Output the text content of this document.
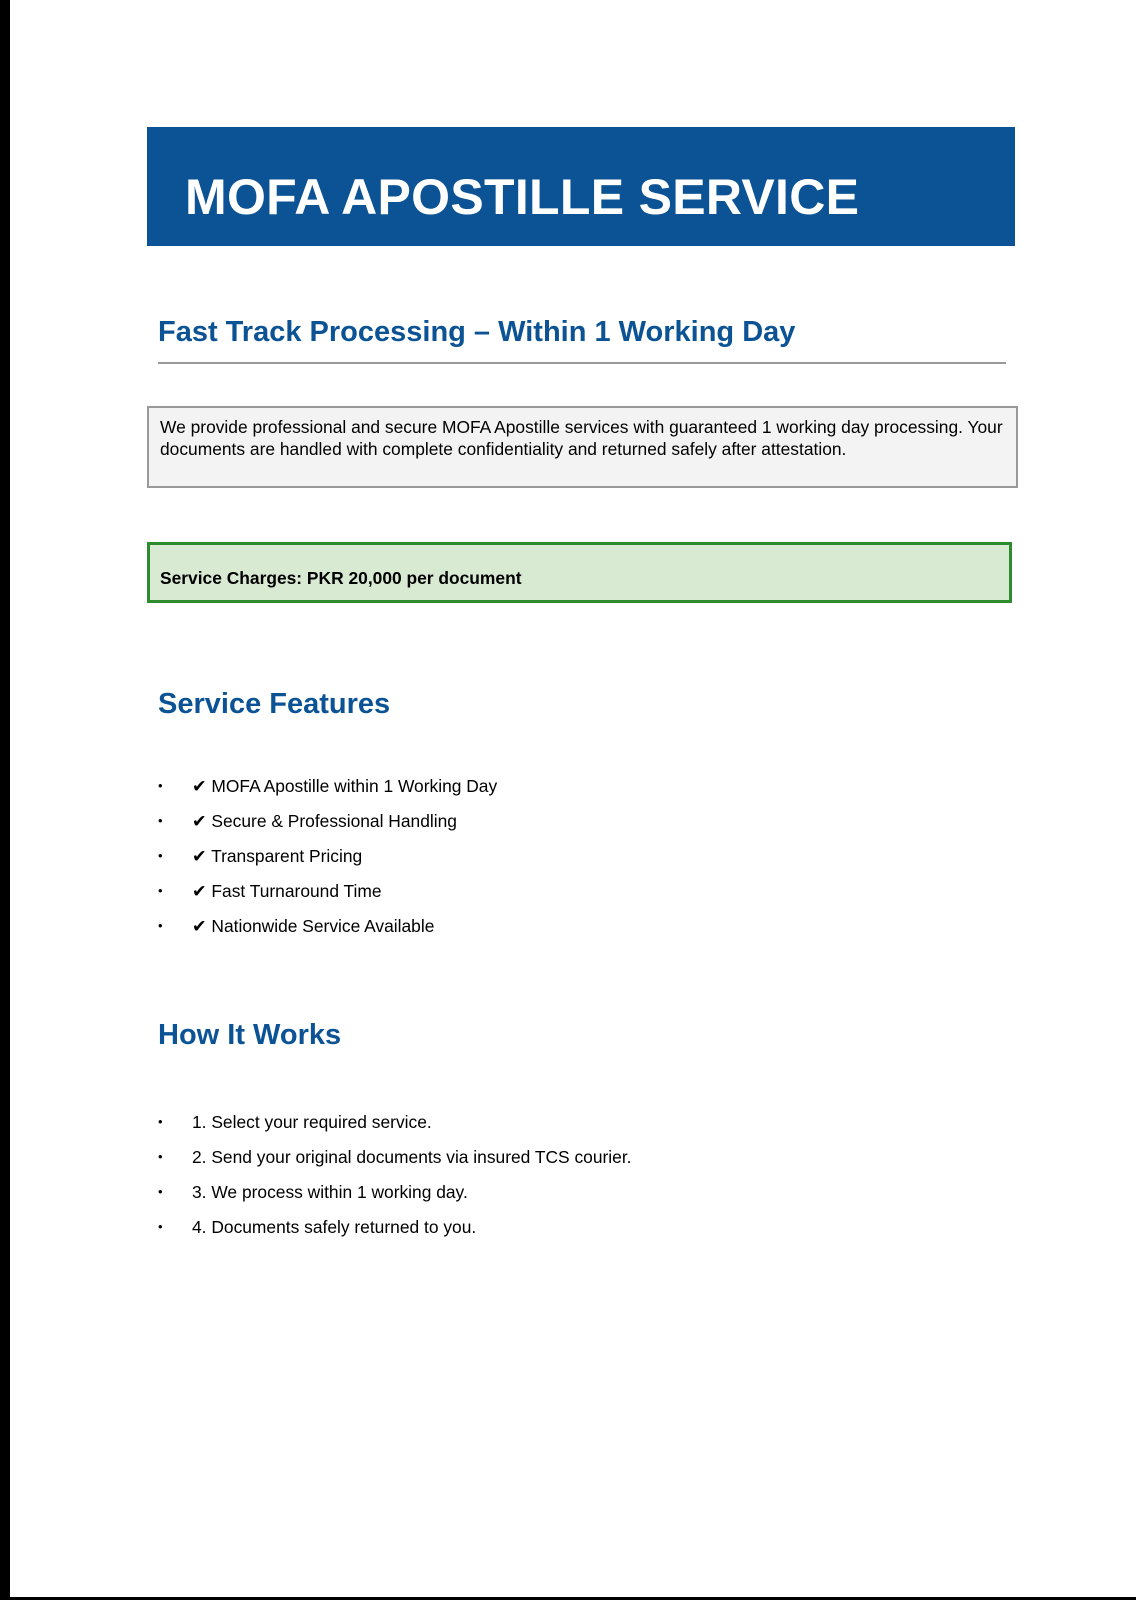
MOFA APOSTILLE SERVICE
Fast Track Processing – Within 1 Working Day

We provide professional and secure MOFA Apostille services with guaranteed 1 working day processing. Your documents are handled with complete confidentiality and returned safely after attestation.

Service Charges: PKR 20,000 per document

Service Features
•	✔ MOFA Apostille within 1 Working Day
•	✔ Secure & Professional Handling
•	✔ Transparent Pricing
•	✔ Fast Turnaround Time
•	✔ Nationwide Service Available
How It Works
•	1. Select your required service.
•	2. Send your original documents via insured TCS courier.
•	3. We process within 1 working day.
•	4. Documents safely returned to you.
